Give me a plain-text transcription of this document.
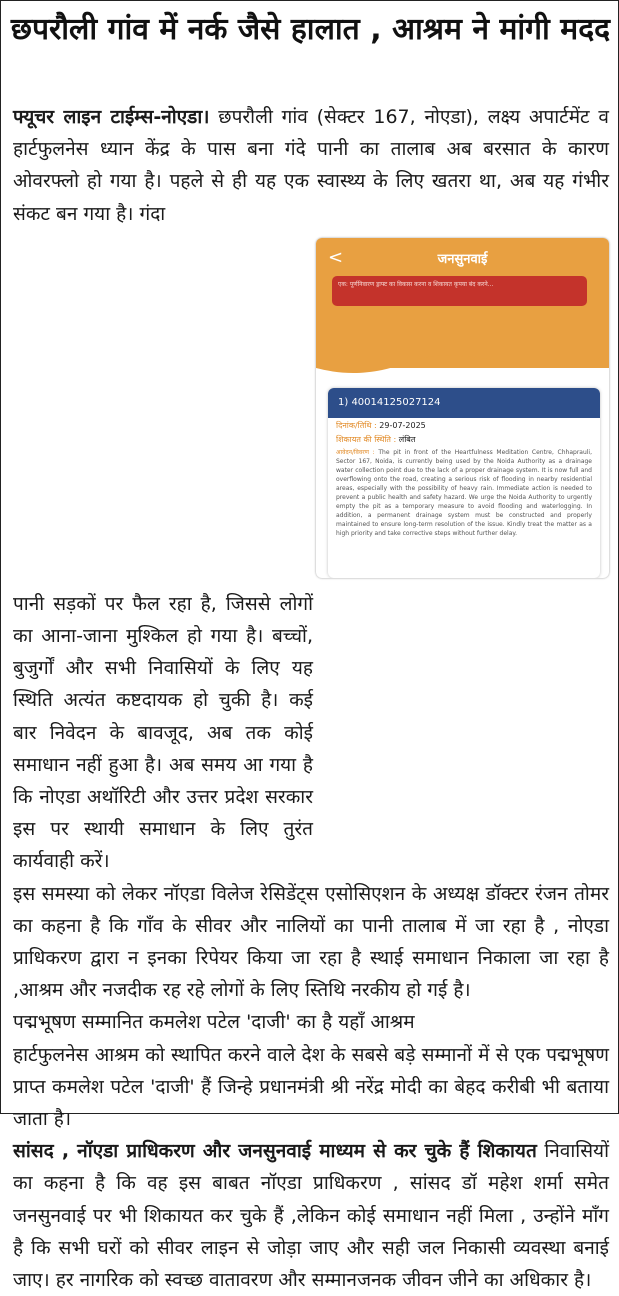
छपरौली गांव में नर्क जैसे हालात , आश्रम ने मांगी मदद

फ्यूचर लाइन टाईम्स-नोएडा। छपरौली गांव (सेक्टर 167, नोएडा), लक्ष्य अपार्टमेंट व हार्टफुलनेस ध्यान केंद्र के पास बना गंदे पानी का तालाब अब बरसात के कारण ओवरफ्लो हो गया है। पहले से ही यह एक स्वास्थ्य के लिए खतरा था, अब यह गंभीर संकट बन गया है। गंदा

<	जनसुनवाई
एक: पूर्णनिवारण ड्राफ्ट का विकास करना व शिकायत कृपया बंद करने...
1) 40014125027124
दिनांक/तिथि : 29-07-2025
शिकायत की स्थिति : लंबित
आवेदन/विवरण : The pit in front of the Heartfulness Meditation Centre, Chhaprauli, Sector 167, Noida, is currently being used by the Noida Authority as a drainage water collection point due to the lack of a proper drainage system. It is now full and overflowing onto the road, creating a serious risk of flooding in nearby residential areas, especially with the possibility of heavy rain. Immediate action is needed to prevent a public health and safety hazard. We urge the Noida Authority to urgently empty the pit as a temporary measure to avoid flooding and waterlogging. In addition, a permanent drainage system must be constructed and properly maintained to ensure long-term resolution of the issue. Kindly treat the matter as a high priority and take corrective steps without further delay.

पानी सड़कों पर फैल रहा है, जिससे लोगों का आना-जाना मुश्किल हो गया है। बच्चों, बुजुर्गों और सभी निवासियों के लिए यह स्थिति अत्यंत कष्टदायक हो चुकी है। कई बार निवेदन के बावजूद, अब तक कोई समाधान नहीं हुआ है। अब समय आ गया है कि नोएडा अथॉरिटी और उत्तर प्रदेश सरकार इस पर स्थायी समाधान के लिए तुरंत कार्यवाही करें।

इस समस्या को लेकर नॉएडा विलेज रेसिडेंट्स एसोसिएशन के अध्यक्ष डॉक्टर रंजन तोमर का कहना है कि गाँव के सीवर और नालियों का पानी तालाब में जा रहा है , नोएडा प्राधिकरण द्वारा न इनका रिपेयर किया जा रहा है स्थाई समाधान निकाला जा रहा है ,आश्रम और नजदीक रह रहे लोगों के लिए स्तिथि नरकीय हो गई है।

पद्मभूषण सम्मानित कमलेश पटेल 'दाजी' का है यहाँ आश्रम

हार्टफुलनेस आश्रम को स्थापित करने वाले देश के सबसे बड़े सम्मानों में से एक पद्मभूषण प्राप्त कमलेश पटेल 'दाजी' हैं जिन्हे प्रधानमंत्री श्री नरेंद्र मोदी का बेहद करीबी भी बताया जाता है।

सांसद , नॉएडा प्राधिकरण और जनसुनवाई माध्यम से कर चुके हैं शिकायत निवासियों का कहना है कि वह इस बाबत नॉएडा प्राधिकरण , सांसद डॉ महेश शर्मा समेत जनसुनवाई पर भी शिकायत कर चुके हैं ,लेकिन कोई समाधान नहीं मिला , उन्होंने माँग है कि सभी घरों को सीवर लाइन से जोड़ा जाए और सही जल निकासी व्यवस्था बनाई जाए। हर नागरिक को स्वच्छ वातावरण और सम्मानजनक जीवन जीने का अधिकार है।
